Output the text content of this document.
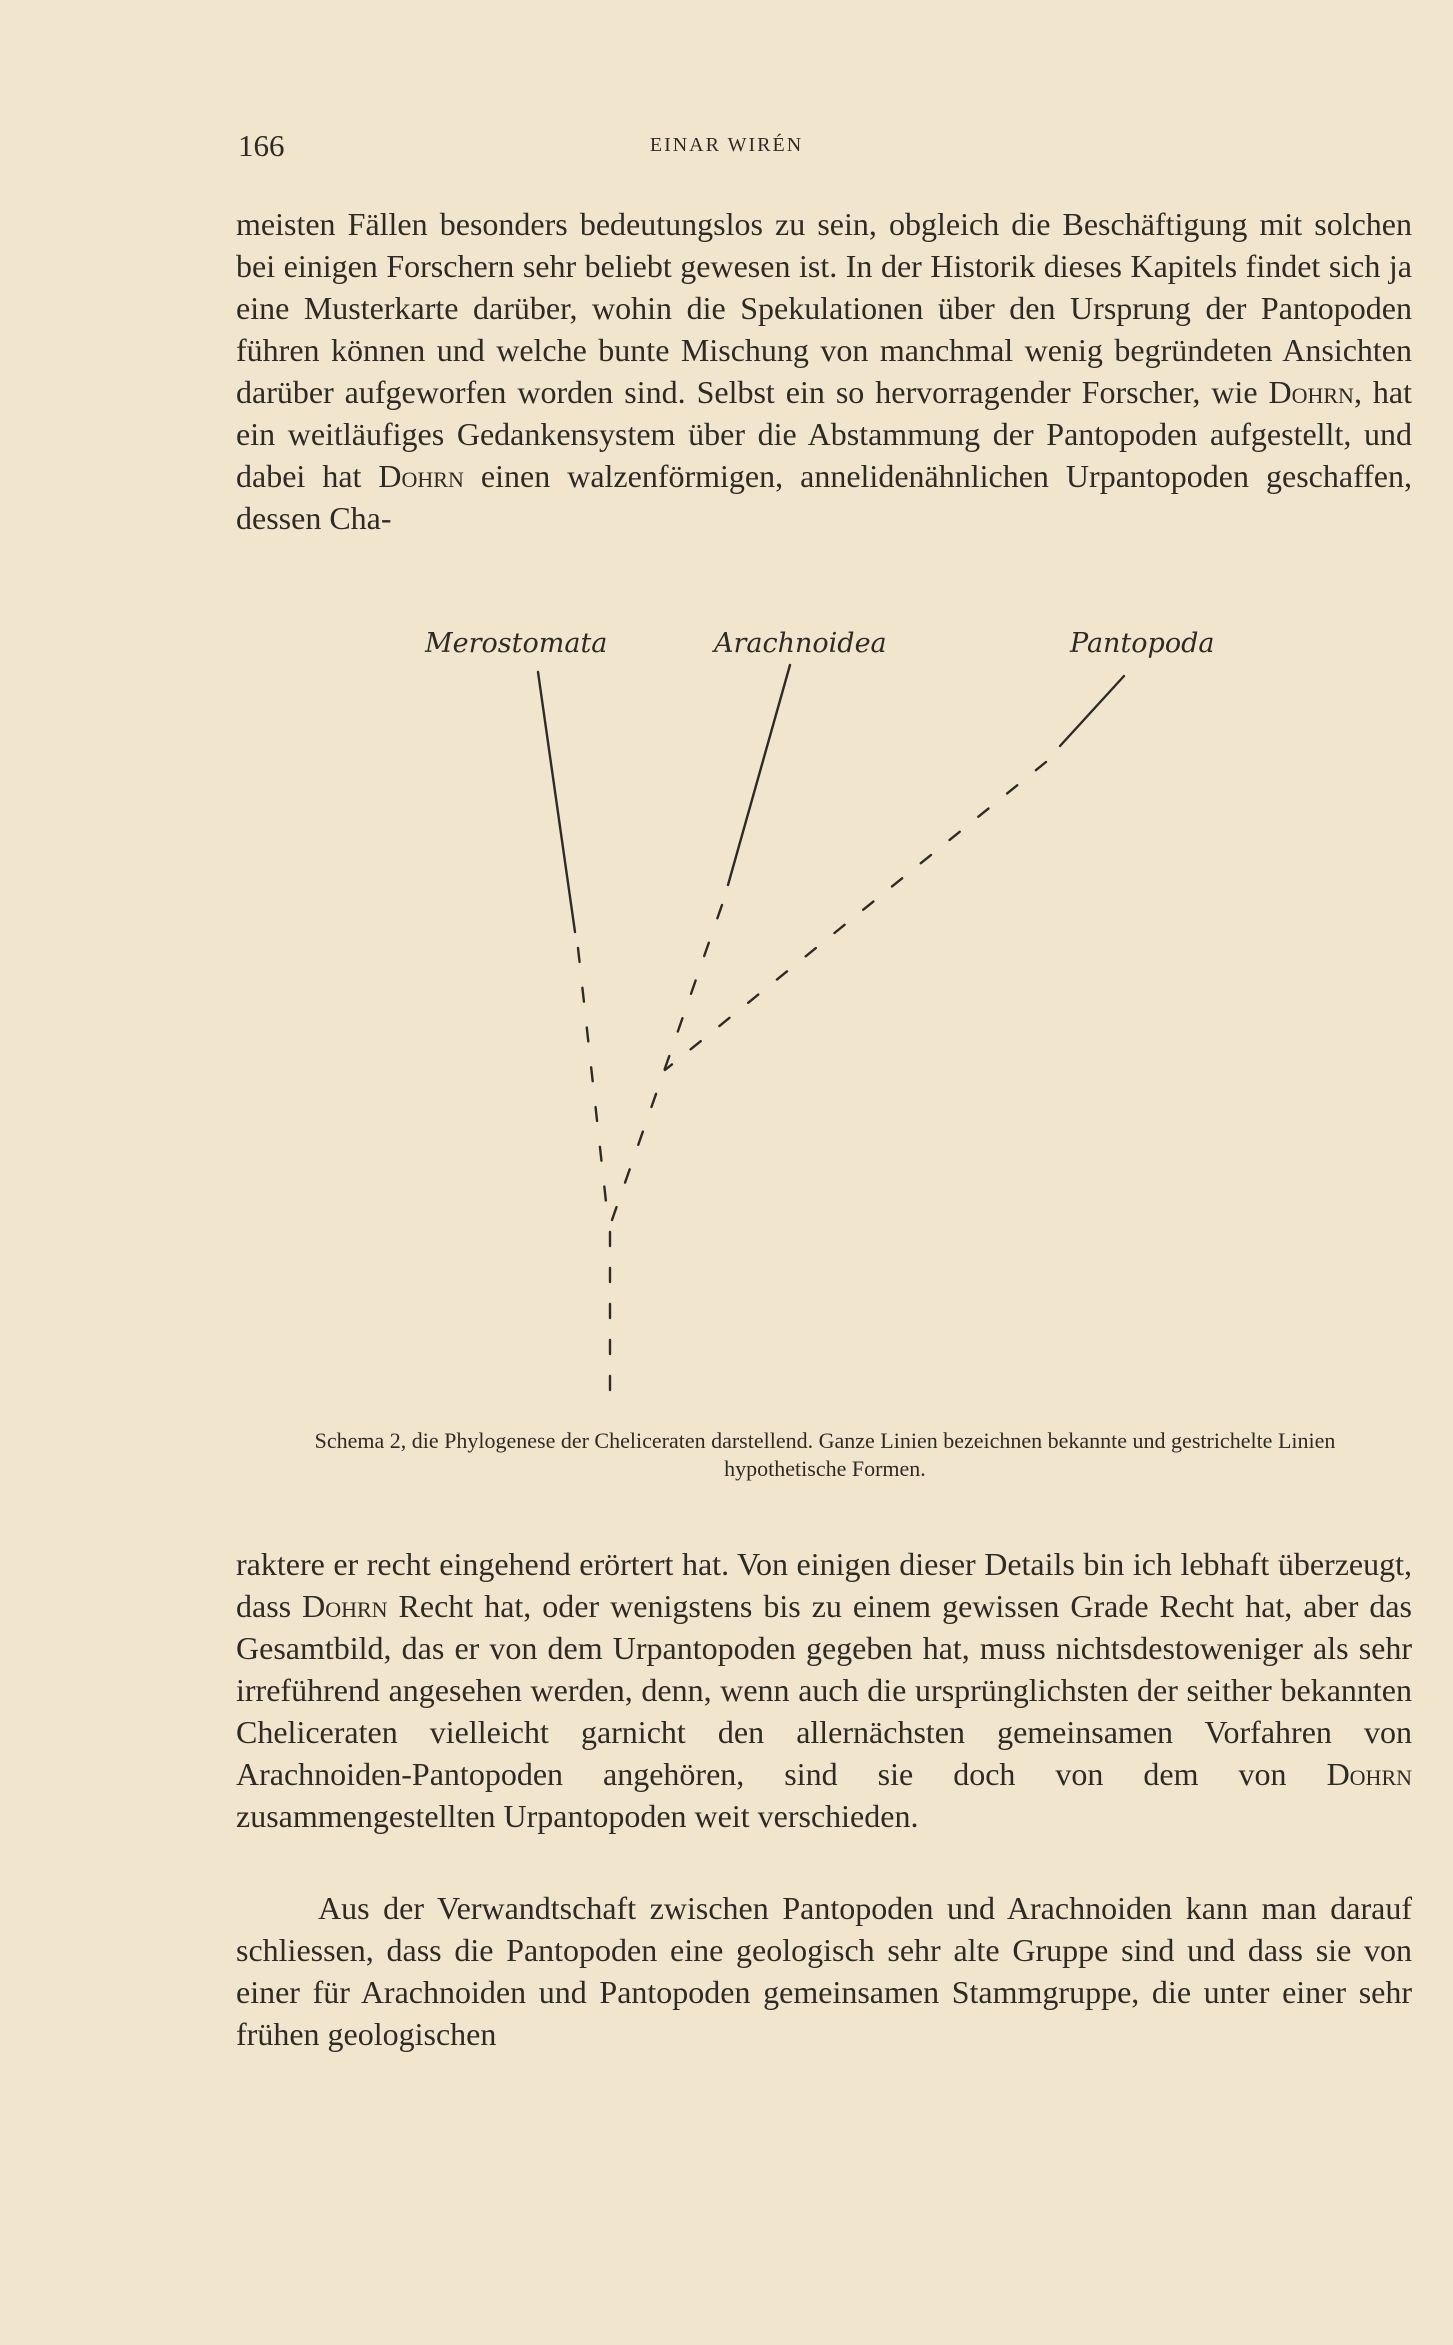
166	EINAR WIRÉN

meisten Fällen besonders bedeutungslos zu sein, obgleich die Beschäftigung mit solchen bei einigen Forschern sehr beliebt gewesen ist. In der Historik dieses Kapitels findet sich ja eine Musterkarte darüber, wohin die Spekulationen über den Ursprung der Pantopoden führen können und welche bunte Mischung von manchmal wenig begründeten Ansichten darüber aufgeworfen worden sind. Selbst ein so hervorragender Forscher, wie Dohrn, hat ein weitläufiges Gedankensystem über die Abstammung der Pantopoden aufgestellt, und dabei hat Dohrn einen walzenförmigen, annelidenähnlichen Urpantopoden geschaffen, dessen Cha-

Merostomata	Arachnoidea	Pantopoda

Schema 2, die Phylogenese der Cheliceraten darstellend. Ganze Linien bezeichnen bekannte und gestrichelte Linien hypothetische Formen.

raktere er recht eingehend erörtert hat. Von einigen dieser Details bin ich lebhaft überzeugt, dass Dohrn Recht hat, oder wenigstens bis zu einem gewissen Grade Recht hat, aber das Gesamtbild, das er von dem Urpantopoden gegeben hat, muss nichtsdestoweniger als sehr irreführend angesehen werden, denn, wenn auch die ursprünglichsten der seither bekannten Cheliceraten vielleicht garnicht den allernächsten gemeinsamen Vorfahren von Arachnoiden-Pantopoden angehören, sind sie doch von dem von Dohrn zusammengestellten Urpantopoden weit verschieden.

Aus der Verwandtschaft zwischen Pantopoden und Arachnoiden kann man darauf schliessen, dass die Pantopoden eine geologisch sehr alte Gruppe sind und dass sie von einer für Arachnoiden und Pantopoden gemeinsamen Stammgruppe, die unter einer sehr frühen geologischen
